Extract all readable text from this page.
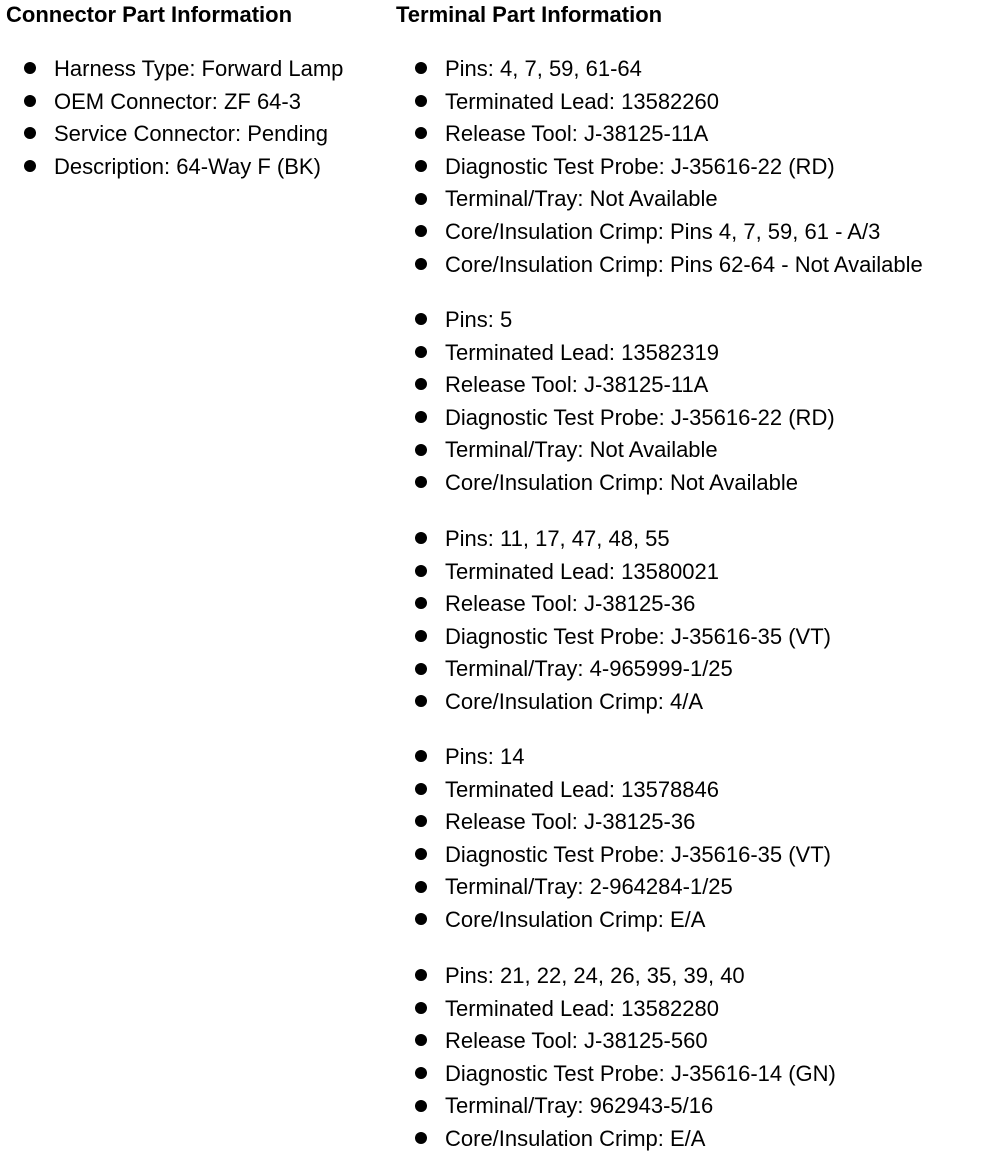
Connector Part Information	Terminal Part Information
Harness Type: Forward Lamp
OEM Connector: ZF 64-3
Service Connector: Pending
Description: 64-Way F (BK)
Pins: 4, 7, 59, 61-64
Terminated Lead: 13582260
Release Tool: J-38125-11A
Diagnostic Test Probe: J-35616-22 (RD)
Terminal/Tray: Not Available
Core/Insulation Crimp: Pins 4, 7, 59, 61 - A/3
Core/Insulation Crimp: Pins 62-64 - Not Available
Pins: 5
Terminated Lead: 13582319
Release Tool: J-38125-11A
Diagnostic Test Probe: J-35616-22 (RD)
Terminal/Tray: Not Available
Core/Insulation Crimp: Not Available
Pins: 11, 17, 47, 48, 55
Terminated Lead: 13580021
Release Tool: J-38125-36
Diagnostic Test Probe: J-35616-35 (VT)
Terminal/Tray: 4-965999-1/25
Core/Insulation Crimp: 4/A
Pins: 14
Terminated Lead: 13578846
Release Tool: J-38125-36
Diagnostic Test Probe: J-35616-35 (VT)
Terminal/Tray: 2-964284-1/25
Core/Insulation Crimp: E/A
Pins: 21, 22, 24, 26, 35, 39, 40
Terminated Lead: 13582280
Release Tool: J-38125-560
Diagnostic Test Probe: J-35616-14 (GN)
Terminal/Tray: 962943-5/16
Core/Insulation Crimp: E/A
